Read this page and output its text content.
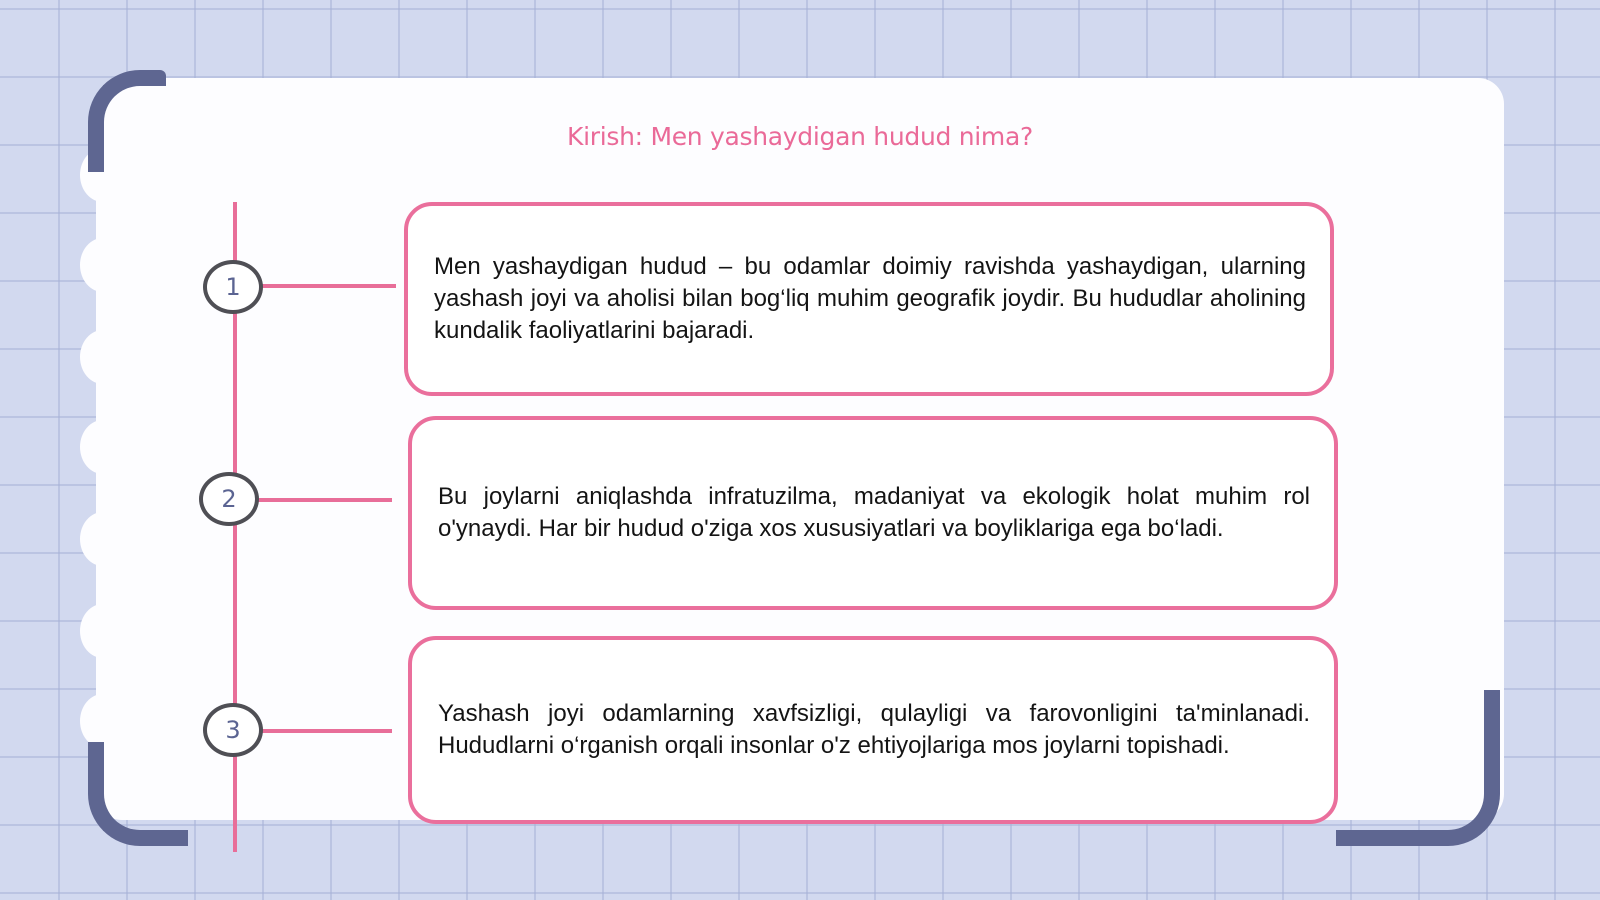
Kirish: Men yashaydigan hudud nima?
1
2
3

Men yashaydigan hudud – bu odamlar doimiy ravishda yashaydigan, ularning yashash joyi va aholisi bilan bog‘liq muhim geografik joydir. Bu hududlar aholining kundalik faoliyatlarini bajaradi.

Bu joylarni aniqlashda infratuzilma, madaniyat va ekologik holat muhim rol o'ynaydi. Har bir hudud o'ziga xos xususiyatlari va boyliklariga ega bo‘ladi.

Yashash joyi odamlarning xavfsizligi, qulayligi va farovonligini ta'minlanadi. Hududlarni o‘rganish orqali insonlar o'z ehtiyojlariga mos joylarni topishadi.
